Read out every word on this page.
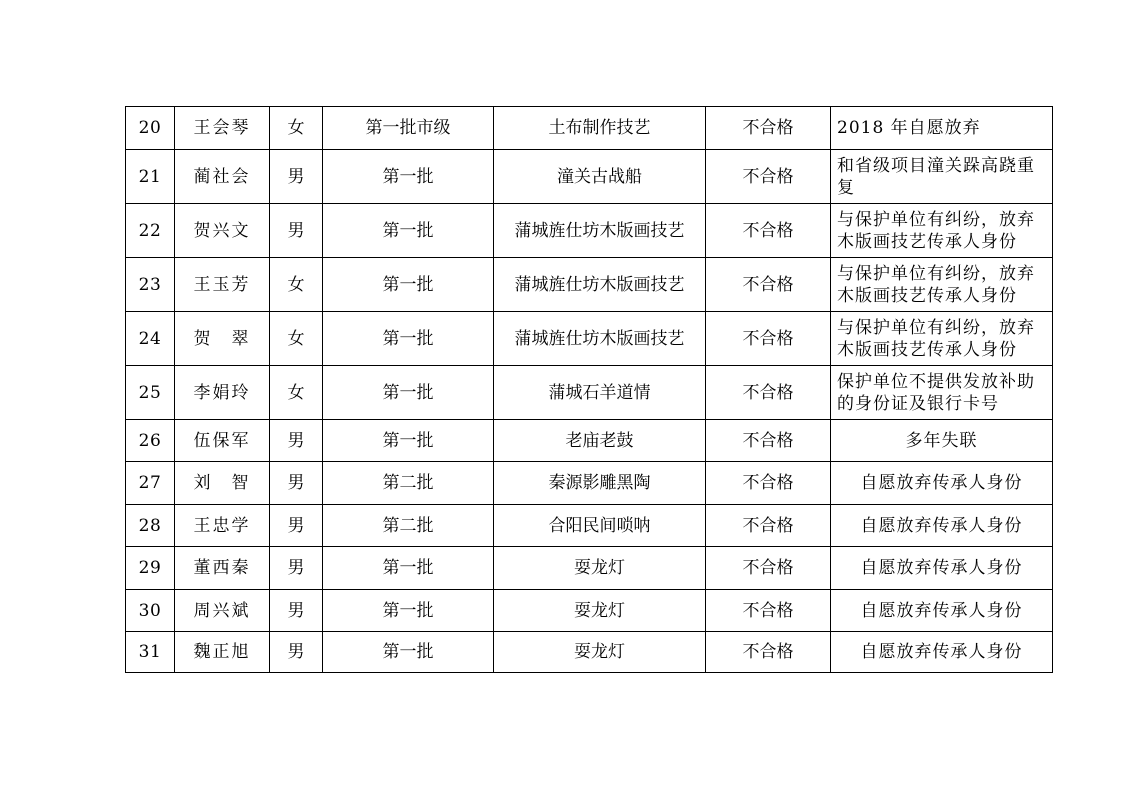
20	王会琴	女	第一批市级	土布制作技艺	不合格	2018 年自愿放弃
21	蔺社会	男	第一批	潼关古战船	不合格	和省级项目潼关跺高跷重复
22	贺兴文	男	第一批	蒲城旌仕坊木版画技艺	不合格	与保护单位有纠纷，放弃木版画技艺传承人身份
23	王玉芳	女	第一批	蒲城旌仕坊木版画技艺	不合格	与保护单位有纠纷，放弃木版画技艺传承人身份
24	贺　翠	女	第一批	蒲城旌仕坊木版画技艺	不合格	与保护单位有纠纷，放弃木版画技艺传承人身份
25	李娟玲	女	第一批	蒲城石羊道情	不合格	保护单位不提供发放补助的身份证及银行卡号
26	伍保军	男	第一批	老庙老鼓	不合格	多年失联
27	刘　智	男	第二批	秦源影雕黑陶	不合格	自愿放弃传承人身份
28	王忠学	男	第二批	合阳民间唢呐	不合格	自愿放弃传承人身份
29	董西秦	男	第一批	耍龙灯	不合格	自愿放弃传承人身份
30	周兴斌	男	第一批	耍龙灯	不合格	自愿放弃传承人身份
31	魏正旭	男	第一批	耍龙灯	不合格	自愿放弃传承人身份
